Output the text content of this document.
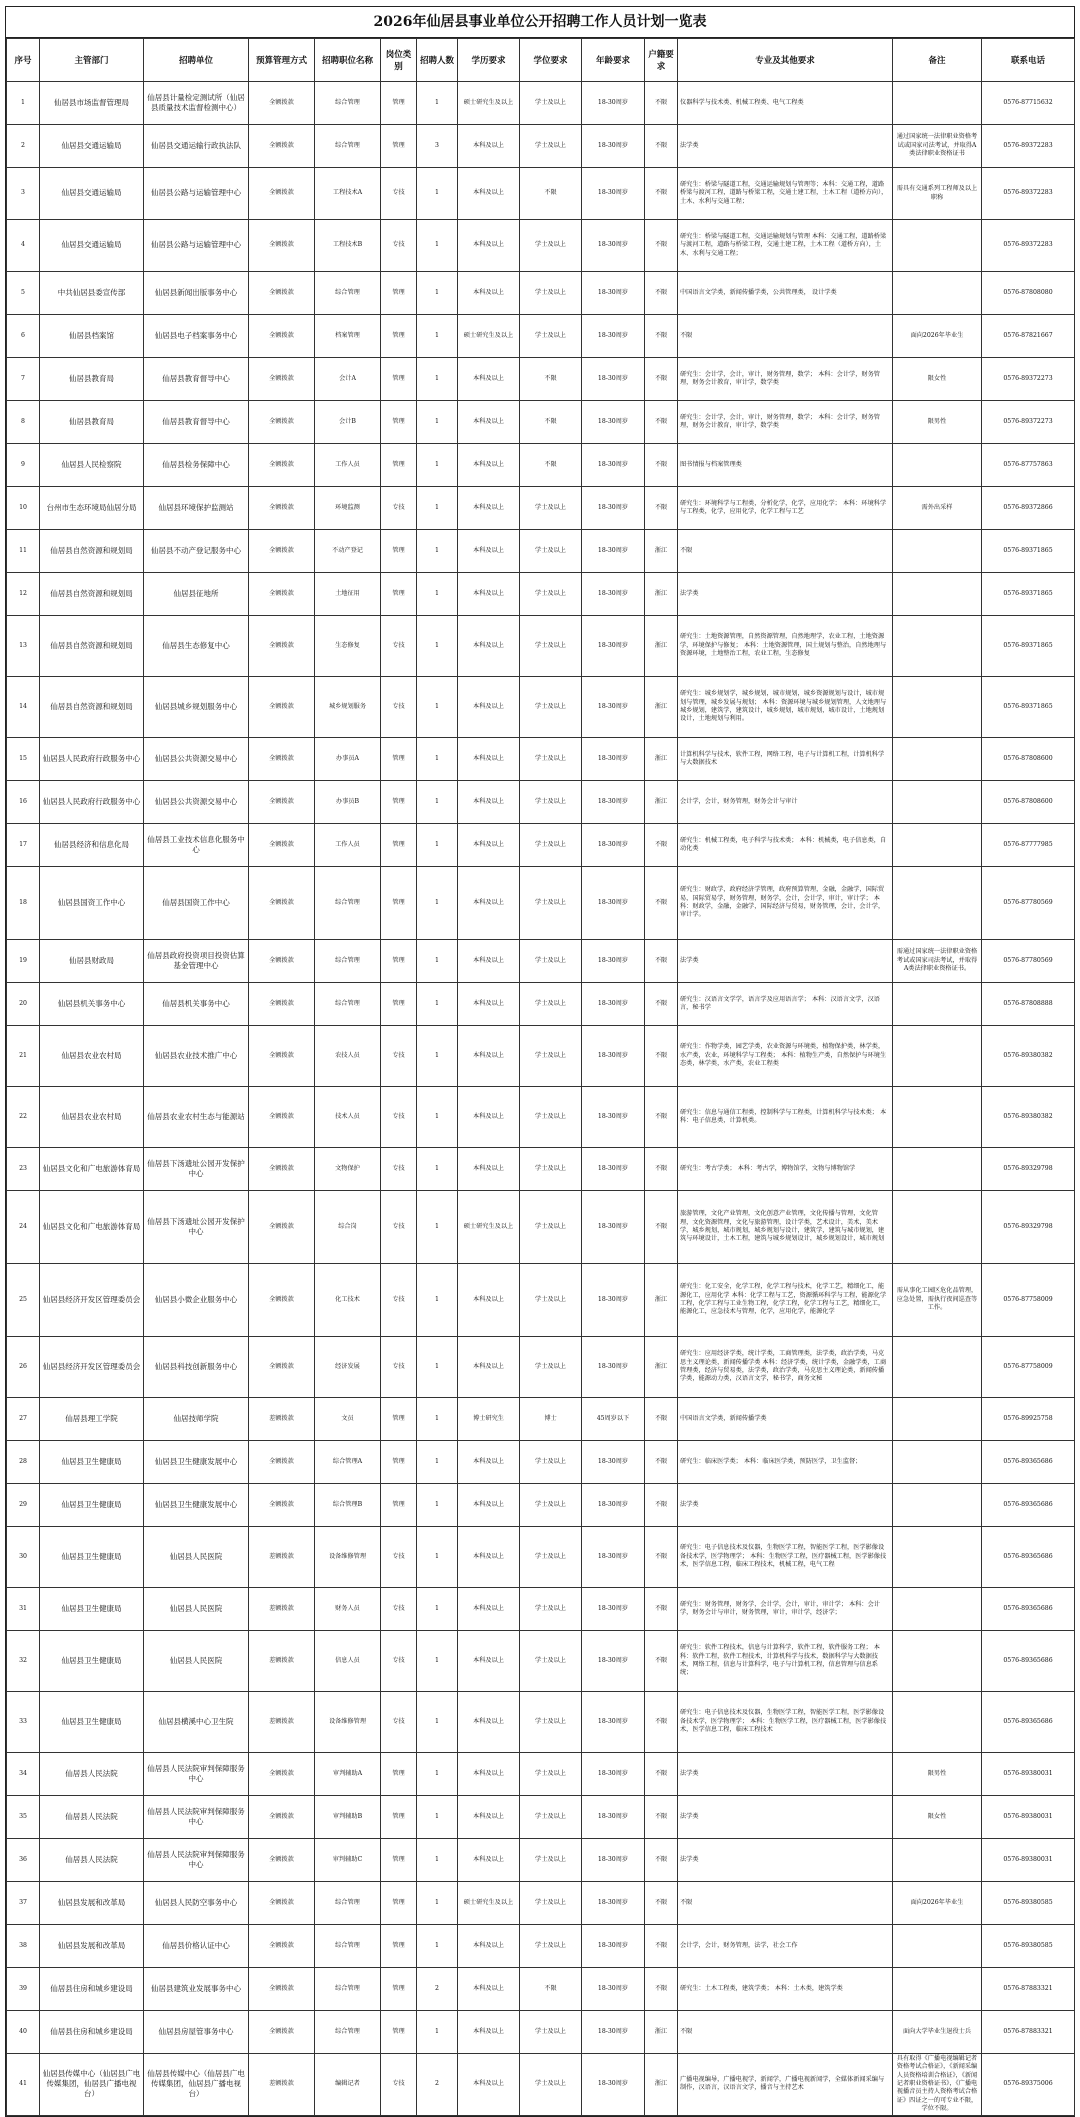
2026年仙居县事业单位公开招聘工作人员计划一览表
序号	主管部门	招聘单位	预算管理方式	招聘职位名称	岗位类别	招聘人数	学历要求	学位要求	年龄要求	户籍要求	专业及其他要求	备注	联系电话
1	仙居县市场监督管理局	仙居县计量检定测试所（仙居县质量技术监督检测中心）	全额拨款	综合管理	管理	1	硕士研究生及以上	学士及以上	18-30周岁	不限	仪器科学与技术类、机械工程类、电气工程类		0576-87715632
2	仙居县交通运输局	仙居县交通运输行政执法队	全额拨款	综合管理	管理	3	本科及以上	学士及以上	18-30周岁	不限	法学类	通过国家统一法律职业资格考试或国家司法考试，并取得A类法律职业资格证书	0576-89372283
3	仙居县交通运输局	仙居县公路与运输管理中心	全额拨款	工程技术A	专技	1	本科及以上	不限	18-30周岁	不限	研究生：桥梁与隧道工程，交通运输规划与管理等；本科：交通工程，道路桥梁与渡河工程，道路与桥梁工程，交通土建工程，土木工程（道桥方向），土木、水利与交通工程；	需具有交通系列工程师及以上职称	0576-89372283
4	仙居县交通运输局	仙居县公路与运输管理中心	全额拨款	工程技术B	专技	1	本科及以上	学士及以上	18-30周岁	不限	研究生：桥梁与隧道工程，交通运输规划与管理 本科：交通工程，道路桥梁与渡河工程，道路与桥梁工程，交通土建工程，土木工程（道桥方向），土木、水利与交通工程；		0576-89372283
5	中共仙居县委宣传部	仙居县新闻出版事务中心	全额拨款	综合管理	管理	1	本科及以上	学士及以上	18-30周岁	不限	中国语言文学类，新闻传播学类，公共管理类， 设计学类		0576-87808080
6	仙居县档案馆	仙居县电子档案事务中心	全额拨款	档案管理	管理	1	硕士研究生及以上	学士及以上	18-30周岁	不限	不限	面向2026年毕业生	0576-87821667
7	仙居县教育局	仙居县教育督导中心	全额拨款	会计A	管理	1	本科及以上	不限	18-30周岁	不限	研究生：会计学，会计，审计，财务管理，数学； 本科：会计学，财务管理，财务会计教育，审计学，数学类	限女性	0576-89372273
8	仙居县教育局	仙居县教育督导中心	全额拨款	会计B	管理	1	本科及以上	不限	18-30周岁	不限	研究生：会计学，会计，审计，财务管理，数学； 本科：会计学，财务管理，财务会计教育，审计学，数学类	限男性	0576-89372273
9	仙居县人民检察院	仙居县检务保障中心	全额拨款	工作人员	管理	1	本科及以上	不限	18-30周岁	不限	图书情报与档案管理类		0576-87757863
10	台州市生态环境局仙居分局	仙居县环境保护监测站	全额拨款	环境监测	专技	1	本科及以上	学士及以上	18-30周岁	不限	研究生：环境科学与工程类，分析化学，化学，应用化学； 本科：环境科学与工程类，化学，应用化学，化学工程与工艺	需外出采样	0576-89372866
11	仙居县自然资源和规划局	仙居县不动产登记服务中心	全额拨款	不动产登记	管理	1	本科及以上	学士及以上	18-30周岁	浙江	不限		0576-89371865
12	仙居县自然资源和规划局	仙居县征地所	全额拨款	土地征用	管理	1	本科及以上	学士及以上	18-30周岁	浙江	法学类		0576-89371865
13	仙居县自然资源和规划局	仙居县生态修复中心	全额拨款	生态修复	专技	1	本科及以上	学士及以上	18-30周岁	浙江	研究生：土地资源管理，自然资源管理，自然地理学，农业工程，土地资源学，环境保护与修复； 本科：土地资源管理，国土规划与整治，自然地理与资源环境，土地整治工程，农业工程，生态修复		0576-89371865
14	仙居县自然资源和规划局	仙居县城乡规划服务中心	全额拨款	城乡规划服务	专技	1	本科及以上	学士及以上	18-30周岁	浙江	研究生：城乡规划学，城乡规划，城市规划，城乡资源规划与设计，城市规划与管理，城乡发展与规划； 本科：资源环境与城乡规划管理，人文地理与城乡规划，建筑学，建筑设计，城乡规划，城市规划，城市设计，土地规划设计，土地规划与利用。		0576-89371865
15	仙居县人民政府行政服务中心	仙居县公共资源交易中心	全额拨款	办事员A	管理	1	本科及以上	学士及以上	18-30周岁	浙江	计算机科学与技术，软件工程，网络工程，电子与计算机工程，计算机科学与大数据技术		0576-87808600
16	仙居县人民政府行政服务中心	仙居县公共资源交易中心	全额拨款	办事员B	管理	1	本科及以上	学士及以上	18-30周岁	浙江	会计学，会计，财务管理，财务会计与审计		0576-87808600
17	仙居县经济和信息化局	仙居县工业技术信息化服务中心	全额拨款	工作人员	管理	1	本科及以上	学士及以上	18-30周岁	不限	研究生：机械工程类，电子科学与技术类； 本科：机械类，电子信息类，自动化类		0576-87777985
18	仙居县国资工作中心	仙居县国资工作中心	全额拨款	综合管理	管理	1	本科及以上	学士及以上	18-30周岁	不限	研究生：财政学，政府经济学管理，政府预算管理，金融，金融学，国际贸易，国际贸易学，财务管理，财务学，会计，会计学，审计，审计学； 本科：财政学，金融，金融学，国际经济与贸易，财务管理，会计，会计学，审计学。		0576-87780569
19	仙居县财政局	仙居县政府投资项目投资估算基金管理中心	全额拨款	综合管理	管理	1	本科及以上	学士及以上	18-30周岁	不限	法学类	需通过国家统一法律职业资格考试或国家司法考试，并取得A类法律职业资格证书。	0576-87780569
20	仙居县机关事务中心	仙居县机关事务中心	全额拨款	综合管理	管理	1	本科及以上	学士及以上	18-30周岁	不限	研究生：汉语言文学学，语言学及应用语言学； 本科：汉语言文学，汉语言，秘书学		0576-87808888
21	仙居县农业农村局	仙居县农业技术推广中心	全额拨款	农技人员	专技	1	本科及以上	学士及以上	18-30周岁	不限	研究生：作物学类，园艺学类，农业资源与环境类，植物保护类，林学类，水产类，农业，环境科学与工程类； 本科：植物生产类，自然保护与环境生态类，林学类，水产类，农业工程类		0576-89380382
22	仙居县农业农村局	仙居县农业农村生态与能源站	全额拨款	技术人员	专技	1	本科及以上	学士及以上	18-30周岁	不限	研究生：信息与通信工程类，控制科学与工程类，计算机科学与技术类； 本科：电子信息类，计算机类。		0576-89380382
23	仙居县文化和广电旅游体育局	仙居县下汤遗址公园开发保护中心	全额拨款	文物保护	专技	1	本科及以上	学士及以上	18-30周岁	不限	研究生：考古学类； 本科：考古学，博物馆学，文物与博物馆学		0576-89329798
24	仙居县文化和广电旅游体育局	仙居县下汤遗址公园开发保护中心	全额拨款	综合岗	专技	1	硕士研究生及以上	学士及以上	18-30周岁	不限	旅游管理，文化产业管理，文化创意产业管理，文化传播与管理，文化管理，文化资源管理，文化与旅游管理，设计学类，艺术设计，美术，美术学，城乡规划，城市规划，城乡规划与设计，建筑学，建筑与城市规划，建筑与环境设计，土木工程，建筑与城乡规划设计，城乡规划设计，城市规划		0576-89329798
25	仙居县经济开发区管理委员会	仙居县小微企业服务中心	全额拨款	化工技术	专技	1	本科及以上	学士及以上	18-30周岁	浙江	研究生：化工安全，化学工程，化学工程与技术，化学工艺，精细化工，能源化工，应用化学 本科：化学工程与工艺，资源循环科学与工程，能源化学工程，化学工程与工业生物工程，化学工程，化学工程与工艺，精细化工，能源化工，应急技术与管理，化学，应用化学，能源化学	需从事化工园区危化品管理，应急处置，需执行夜间巡查等工作。	0576-87758009
26	仙居县经济开发区管理委员会	仙居县科技创新服务中心	全额拨款	经济发展	专技	1	本科及以上	学士及以上	18-30周岁	浙江	研究生：应用经济学类，统计学类，工商管理类，法学类，政治学类，马克思主义理论类，新闻传播学类 本科：经济学类，统计学类，金融学类，工商管理类，经济与贸易类，法学类，政治学类，马克思主义理论类，新闻传播学类，能源动力类，汉语言文学，秘书学，商务文秘		0576-87758009
27	仙居县理工学院	仙居技师学院	差额拨款	文员	管理	1	博士研究生	博士	45周岁以下	不限	中国语言文学类，新闻传播学类		0576-89925758
28	仙居县卫生健康局	仙居县卫生健康发展中心	全额拨款	综合管理A	管理	1	本科及以上	学士及以上	18-30周岁	不限	研究生：临床医学类； 本科：临床医学类，预防医学，卫生监督；		0576-89365686
29	仙居县卫生健康局	仙居县卫生健康发展中心	全额拨款	综合管理B	管理	1	本科及以上	学士及以上	18-30周岁	不限	法学类		0576-89365686
30	仙居县卫生健康局	仙居县人民医院	差额拨款	设备维修管理	专技	1	本科及以上	学士及以上	18-30周岁	不限	研究生：电子信息技术及仪器，生物医学工程，智能医学工程，医学影像设备技术学，医学物理学； 本科：生物医学工程，医疗器械工程，医学影像技术，医学信息工程，临床工程技术，机械工程，电气工程		0576-89365686
31	仙居县卫生健康局	仙居县人民医院	差额拨款	财务人员	专技	1	本科及以上	学士及以上	18-30周岁	不限	研究生：财务管理，财务学，会计学，会计，审计，审计学； 本科：会计学，财务会计与审计，财务管理，审计，审计学，经济学；		0576-89365686
32	仙居县卫生健康局	仙居县人民医院	差额拨款	信息人员	专技	1	本科及以上	学士及以上	18-30周岁	不限	研究生：软件工程技术，信息与计算科学，软件工程，软件服务工程； 本科：软件工程，软件工程技术，计算机科学与技术，数据科学与大数据技术，网络工程，信息与计算科学，电子与计算机工程，信息管理与信息系统；		0576-89365686
33	仙居县卫生健康局	仙居县横溪中心卫生院	差额拨款	设备维修管理	专技	1	本科及以上	学士及以上	18-30周岁	不限	研究生：电子信息技术及仪器，生物医学工程，智能医学工程，医学影像设备技术学，医学物理学； 本科：生物医学工程，医疗器械工程，医学影像技术，医学信息工程，临床工程技术		0576-89365686
34	仙居县人民法院	仙居县人民法院审判保障服务中心	全额拨款	审判辅助A	管理	1	本科及以上	学士及以上	18-30周岁	不限	法学类	限男性	0576-89380031
35	仙居县人民法院	仙居县人民法院审判保障服务中心	全额拨款	审判辅助B	管理	1	本科及以上	学士及以上	18-30周岁	不限	法学类	限女性	0576-89380031
36	仙居县人民法院	仙居县人民法院审判保障服务中心	全额拨款	审判辅助C	管理	1	本科及以上	学士及以上	18-30周岁	不限	法学类		0576-89380031
37	仙居县发展和改革局	仙居县人民防空事务中心	全额拨款	综合管理	管理	1	硕士研究生及以上	学士及以上	18-30周岁	不限	不限	面向2026年毕业生	0576-89380585
38	仙居县发展和改革局	仙居县价格认证中心	全额拨款	综合管理	管理	1	本科及以上	学士及以上	18-30周岁	不限	会计学，会计，财务管理，法学，社会工作		0576-89380585
39	仙居县住房和城乡建设局	仙居县建筑业发展事务中心	全额拨款	综合管理	管理	2	本科及以上	不限	18-30周岁	不限	研究生：土木工程类，建筑学类； 本科：土木类，建筑学类		0576-87883321
40	仙居县住房和城乡建设局	仙居县房屋管事务中心	全额拨款	综合管理	管理	1	本科及以上	学士及以上	18-30周岁	浙江	不限	面向大学毕业生退役士兵	0576-87883321
41	仙居县传媒中心（仙居县广电传媒集团，仙居县广播电视台）	仙居县传媒中心（仙居县广电传媒集团，仙居县广播电视台）	差额拨款	编辑记者	专技	2	本科及以上	学士及以上	18-30周岁	浙江	广播电视编导，广播电视学，新闻学，广播电视新闻学，全媒体新闻采编与制作，汉语言，汉语言文学，播音与主持艺术	具有取得《广播电视编辑记者资格考试合格证》，《新闻采编人员资格培训合格证》，《新闻记者职业资格证书》，《广播电视播音员主持人资格考试合格证》四证之一的可专业不限，学位不限。	0576-89375006
